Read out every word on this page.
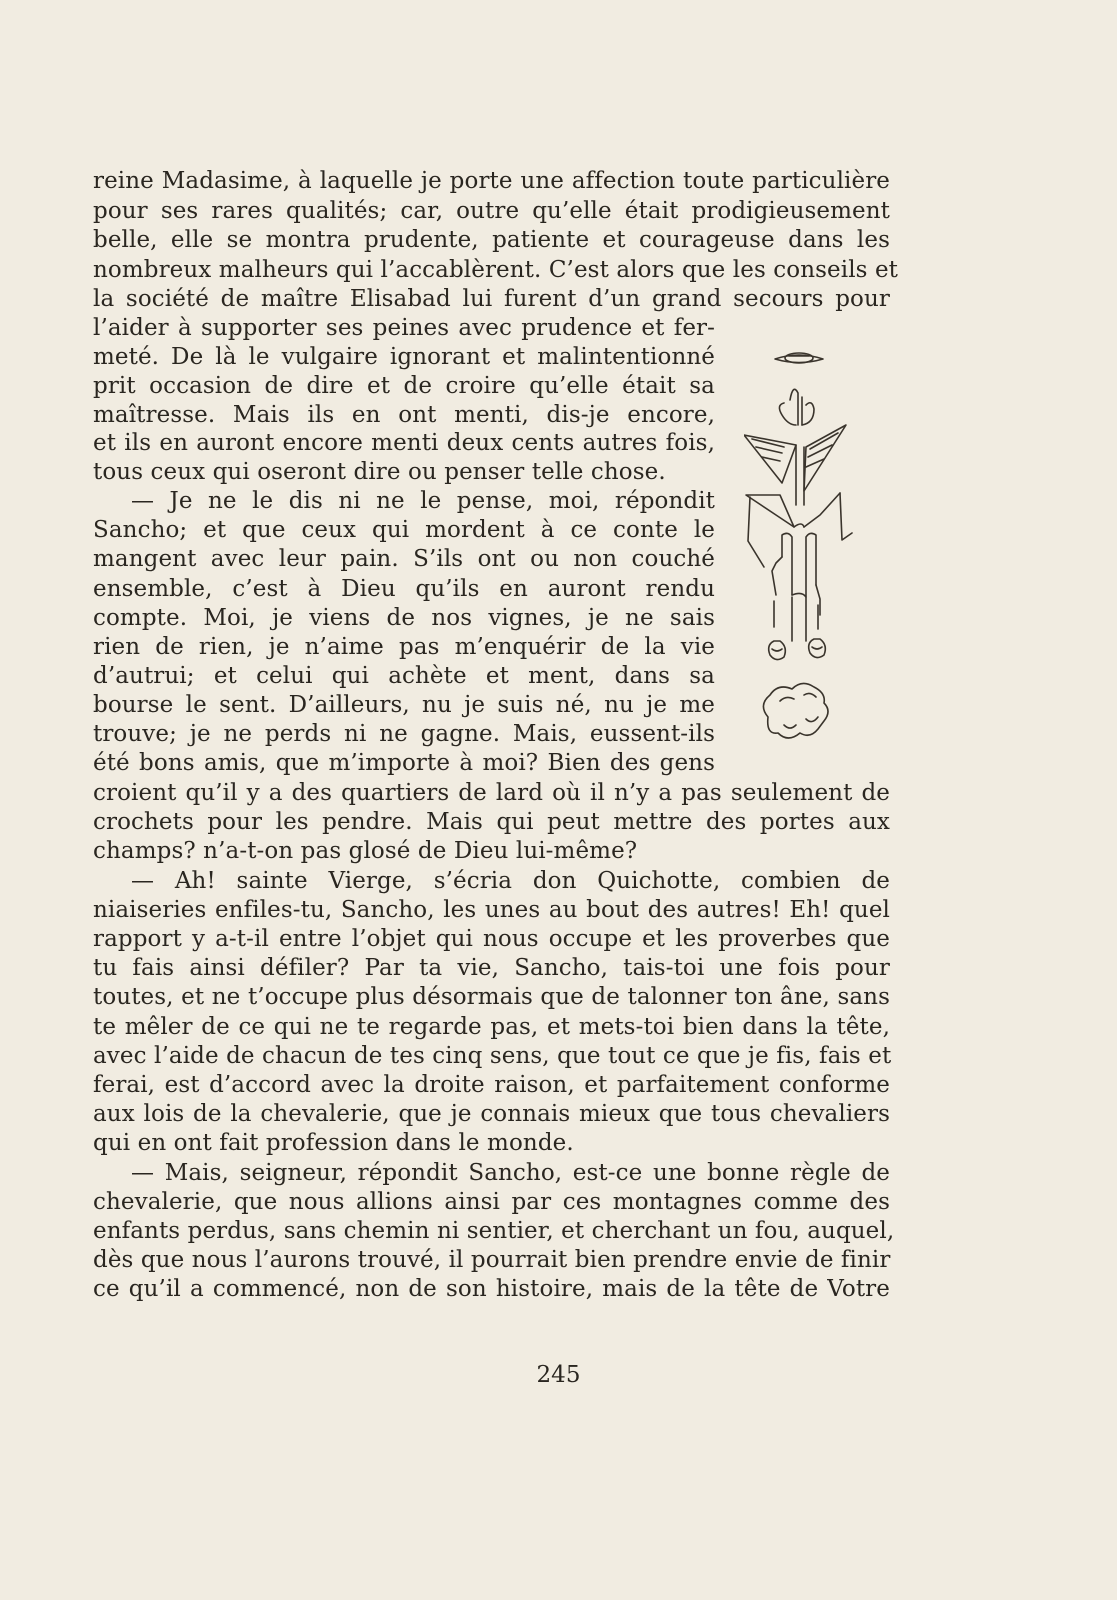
reine Madasime, à laquelle je porte une affection toute particulière
pour ses rares qualités; car, outre qu’elle était prodigieusement
belle, elle se montra prudente, patiente et courageuse dans les
nombreux malheurs qui l’accablèrent. C’est alors que les conseils et
la société de maître Elisabad lui furent d’un grand secours pour
l’aider à supporter ses peines avec prudence et fer-
meté. De là le vulgaire ignorant et malintentionné
prit occasion de dire et de croire qu’elle était sa
maîtresse. Mais ils en ont menti, dis-je encore,
et ils en auront encore menti deux cents autres fois,
tous ceux qui oseront dire ou penser telle chose.
— Je ne le dis ni ne le pense, moi, répondit
Sancho; et que ceux qui mordent à ce conte le
mangent avec leur pain. S’ils ont ou non couché
ensemble, c’est à Dieu qu’ils en auront rendu
compte. Moi, je viens de nos vignes, je ne sais
rien de rien, je n’aime pas m’enquérir de la vie
d’autrui; et celui qui achète et ment, dans sa
bourse le sent. D’ailleurs, nu je suis né, nu je me
trouve; je ne perds ni ne gagne. Mais, eussent-ils
été bons amis, que m’importe à moi? Bien des gens
croient qu’il y a des quartiers de lard où il n’y a pas seulement de
crochets pour les pendre. Mais qui peut mettre des portes aux
champs? n’a-t-on pas glosé de Dieu lui-même?
— Ah! sainte Vierge, s’écria don Quichotte, combien de
niaiseries enfiles-tu, Sancho, les unes au bout des autres! Eh! quel
rapport y a-t-il entre l’objet qui nous occupe et les proverbes que
tu fais ainsi défiler? Par ta vie, Sancho, tais-toi une fois pour
toutes, et ne t’occupe plus désormais que de talonner ton âne, sans
te mêler de ce qui ne te regarde pas, et mets-toi bien dans la tête,
avec l’aide de chacun de tes cinq sens, que tout ce que je fis, fais et
ferai, est d’accord avec la droite raison, et parfaitement conforme
aux lois de la chevalerie, que je connais mieux que tous chevaliers
qui en ont fait profession dans le monde.
— Mais, seigneur, répondit Sancho, est-ce une bonne règle de
chevalerie, que nous allions ainsi par ces montagnes comme des
enfants perdus, sans chemin ni sentier, et cherchant un fou, auquel,
dès que nous l’aurons trouvé, il pourrait bien prendre envie de finir
ce qu’il a commencé, non de son histoire, mais de la tête de Votre
245
